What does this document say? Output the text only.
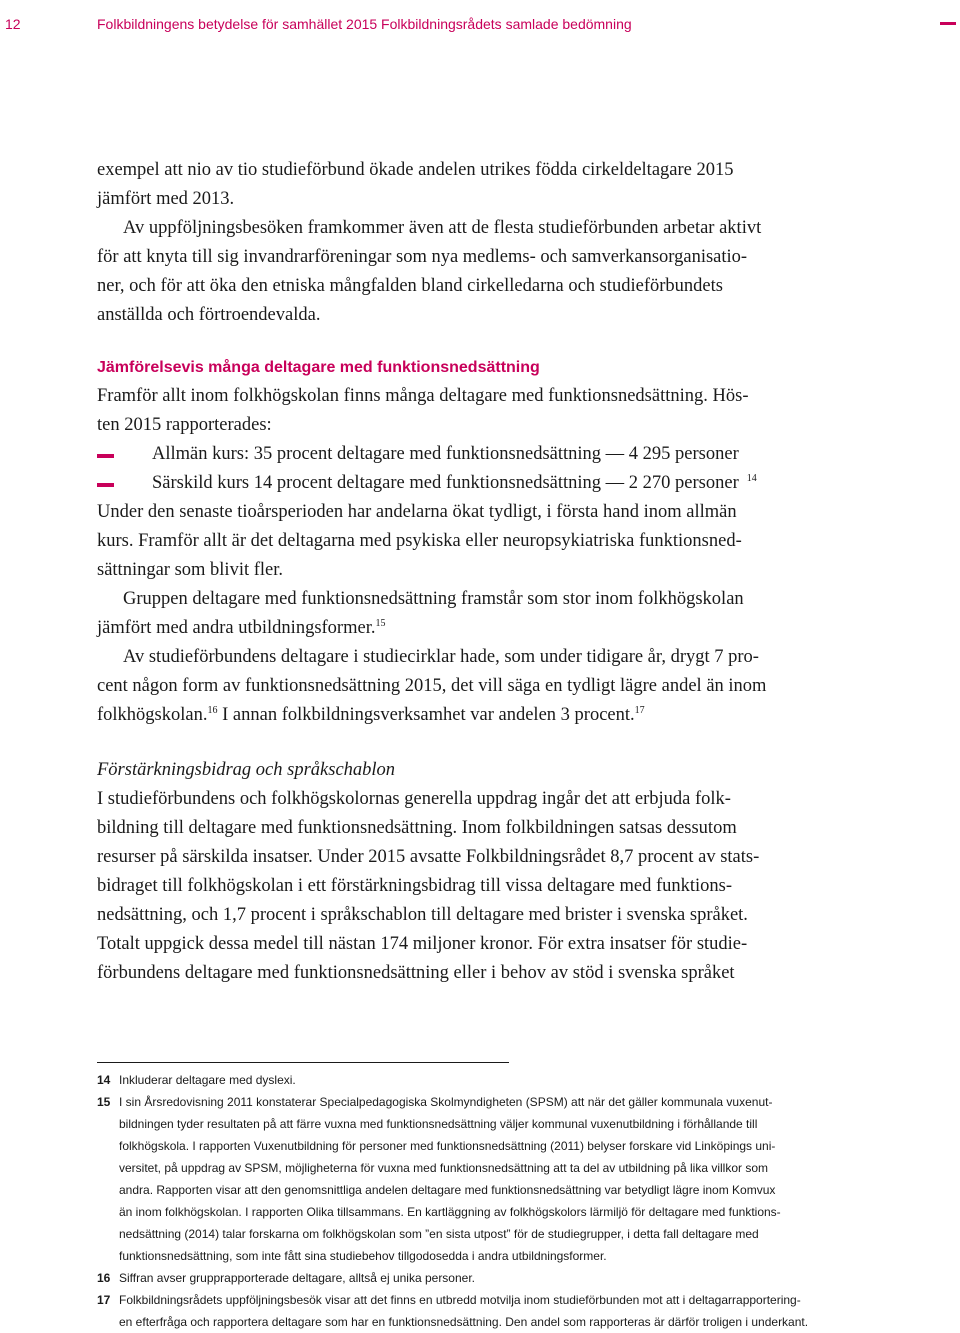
12	Folkbildningens betydelse för samhället 2015 Folkbildningsrådets samlade bedömning

exempel att nio av tio studieförbund ökade andelen utrikes födda cirkeldeltagare 2015
jämfört med 2013.

Av uppföljningsbesöken framkommer även att de flesta studieförbunden arbetar aktivt
för att knyta till sig invandrarföreningar som nya medlems- och samverkansorganisatio-
ner, och för att öka den etniska mångfalden bland cirkelledarna och studieförbundets
anställda och förtroendevalda.

Jämförelsevis många deltagare med funktionsnedsättning

Framför allt inom folkhögskolan finns många deltagare med funktionsnedsättning. Hös-
ten 2015 rapporterades:

Allmän kurs: 35 procent deltagare med funktionsnedsättning — 4 295 personer
Särskild kurs 14 procent deltagare med funktionsnedsättning — 2 270 personer $^{14}$

Under den senaste tioårsperioden har andelarna ökat tydligt, i första hand inom allmän
kurs. Framför allt är det deltagarna med psykiska eller neuropsykiatriska funktionsned-
sättningar som blivit fler.

Gruppen deltagare med funktionsnedsättning framstår som stor inom folkhögskolan
jämfört med andra utbildningsformer.$^{15}$

Av studieförbundens deltagare i studiecirklar hade, som under tidigare år, drygt 7 pro-
cent någon form av funktionsnedsättning 2015, det vill säga en tydligt lägre andel än inom
folkhögskolan.$^{16}$ I annan folkbildningsverksamhet var andelen 3 procent.$^{17}$

Förstärkningsbidrag och språkschablon

I studieförbundens och folkhögskolornas generella uppdrag ingår det att erbjuda folk-
bildning till deltagare med funktionsnedsättning. Inom folkbildningen satsas dessutom
resurser på särskilda insatser. Under 2015 avsatte Folkbildningsrådet 8,7 procent av stats-
bidraget till folkhögskolan i ett förstärkningsbidrag till vissa deltagare med funktions-
nedsättning, och 1,7 procent i språkschablon till deltagare med brister i svenska språket.
Totalt uppgick dessa medel till nästan 174 miljoner kronor. För extra insatser för studie-
förbundens deltagare med funktionsnedsättning eller i behov av stöd i svenska språket

14 Inkluderar deltagare med dyslexi.
15 I sin Årsredovisning 2011 konstaterar Specialpedagogiska Skolmyndigheten (SPSM) att när det gäller kommunala vuxenut-
bildningen tyder resultaten på att färre vuxna med funktionsnedsättning väljer kommunal vuxenutbildning i förhållande till
folkhögskola. I rapporten Vuxenutbildning för personer med funktionsnedsättning (2011) belyser forskare vid Linköpings uni-
versitet, på uppdrag av SPSM, möjligheterna för vuxna med funktionsnedsättning att ta del av utbildning på lika villkor som
andra. Rapporten visar att den genomsnittliga andelen deltagare med funktionsnedsättning var betydligt lägre inom Komvux
än inom folkhögskolan. I rapporten Olika tillsammans. En kartläggning av folkhögskolors lärmiljö för deltagare med funktions-
nedsättning (2014) talar forskarna om folkhögskolan som ”en sista utpost” för de studiegrupper, i detta fall deltagare med
funktionsnedsättning, som inte fått sina studiebehov tillgodosedda i andra utbildningsformer.
16 Siffran avser grupprapporterade deltagare, alltså ej unika personer.
17 Folkbildningsrådets uppföljningsbesök visar att det finns en utbredd motvilja inom studieförbunden mot att i deltagarrapportering-
en efterfråga och rapportera deltagare som har en funktionsnedsättning. Den andel som rapporteras är därför troligen i underkant.
